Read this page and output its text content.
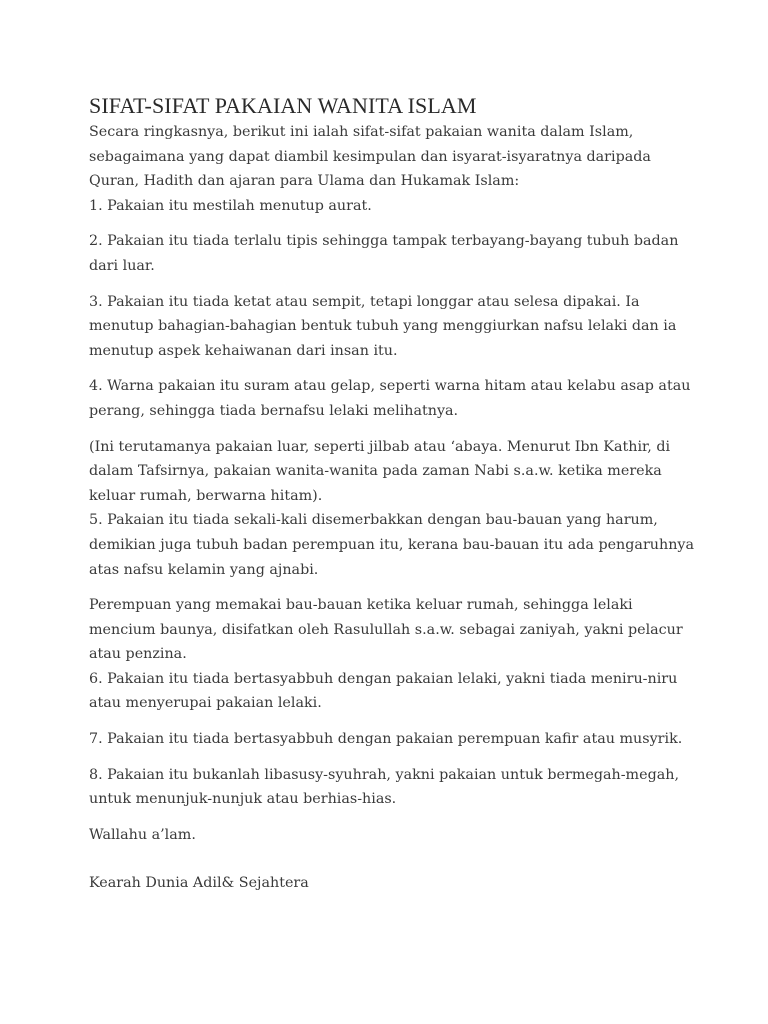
SIFAT-SIFAT PAKAIAN WANITA ISLAM

Secara ringkasnya, berikut ini ialah sifat-sifat pakaian wanita dalam Islam, sebagaimana yang dapat diambil kesimpulan dan isyarat-isyaratnya daripada Quran, Hadith dan ajaran para Ulama dan Hukamak Islam:

1. Pakaian itu mestilah menutup aurat.

2. Pakaian itu tiada terlalu tipis sehingga tampak terbayang-bayang tubuh badan dari luar.

3. Pakaian itu tiada ketat atau sempit, tetapi longgar atau selesa dipakai. Ia menutup bahagian-bahagian bentuk tubuh yang menggiurkan nafsu lelaki dan ia menutup aspek kehaiwanan dari insan itu.

4. Warna pakaian itu suram atau gelap, seperti warna hitam atau kelabu asap atau perang, sehingga tiada bernafsu lelaki melihatnya.

(Ini terutamanya pakaian luar, seperti jilbab atau ‘abaya. Menurut Ibn Kathir, di dalam Tafsirnya, pakaian wanita-wanita pada zaman Nabi s.a.w. ketika mereka keluar rumah, berwarna hitam).

5. Pakaian itu tiada sekali-kali disemerbakkan dengan bau-bauan yang harum, demikian juga tubuh badan perempuan itu, kerana bau-bauan itu ada pengaruhnya atas nafsu kelamin yang ajnabi.

Perempuan yang memakai bau-bauan ketika keluar rumah, sehingga lelaki mencium baunya, disifatkan oleh Rasulullah s.a.w. sebagai zaniyah, yakni pelacur atau penzina.

6. Pakaian itu tiada bertasyabbuh dengan pakaian lelaki, yakni tiada meniru-niru atau menyerupai pakaian lelaki.

7. Pakaian itu tiada bertasyabbuh dengan pakaian perempuan kafir atau musyrik.

8. Pakaian itu bukanlah libasusy-syuhrah, yakni pakaian untuk bermegah-megah, untuk menunjuk-nunjuk atau berhias-hias.

Wallahu a’lam.

Kearah Dunia Adil& Sejahtera
